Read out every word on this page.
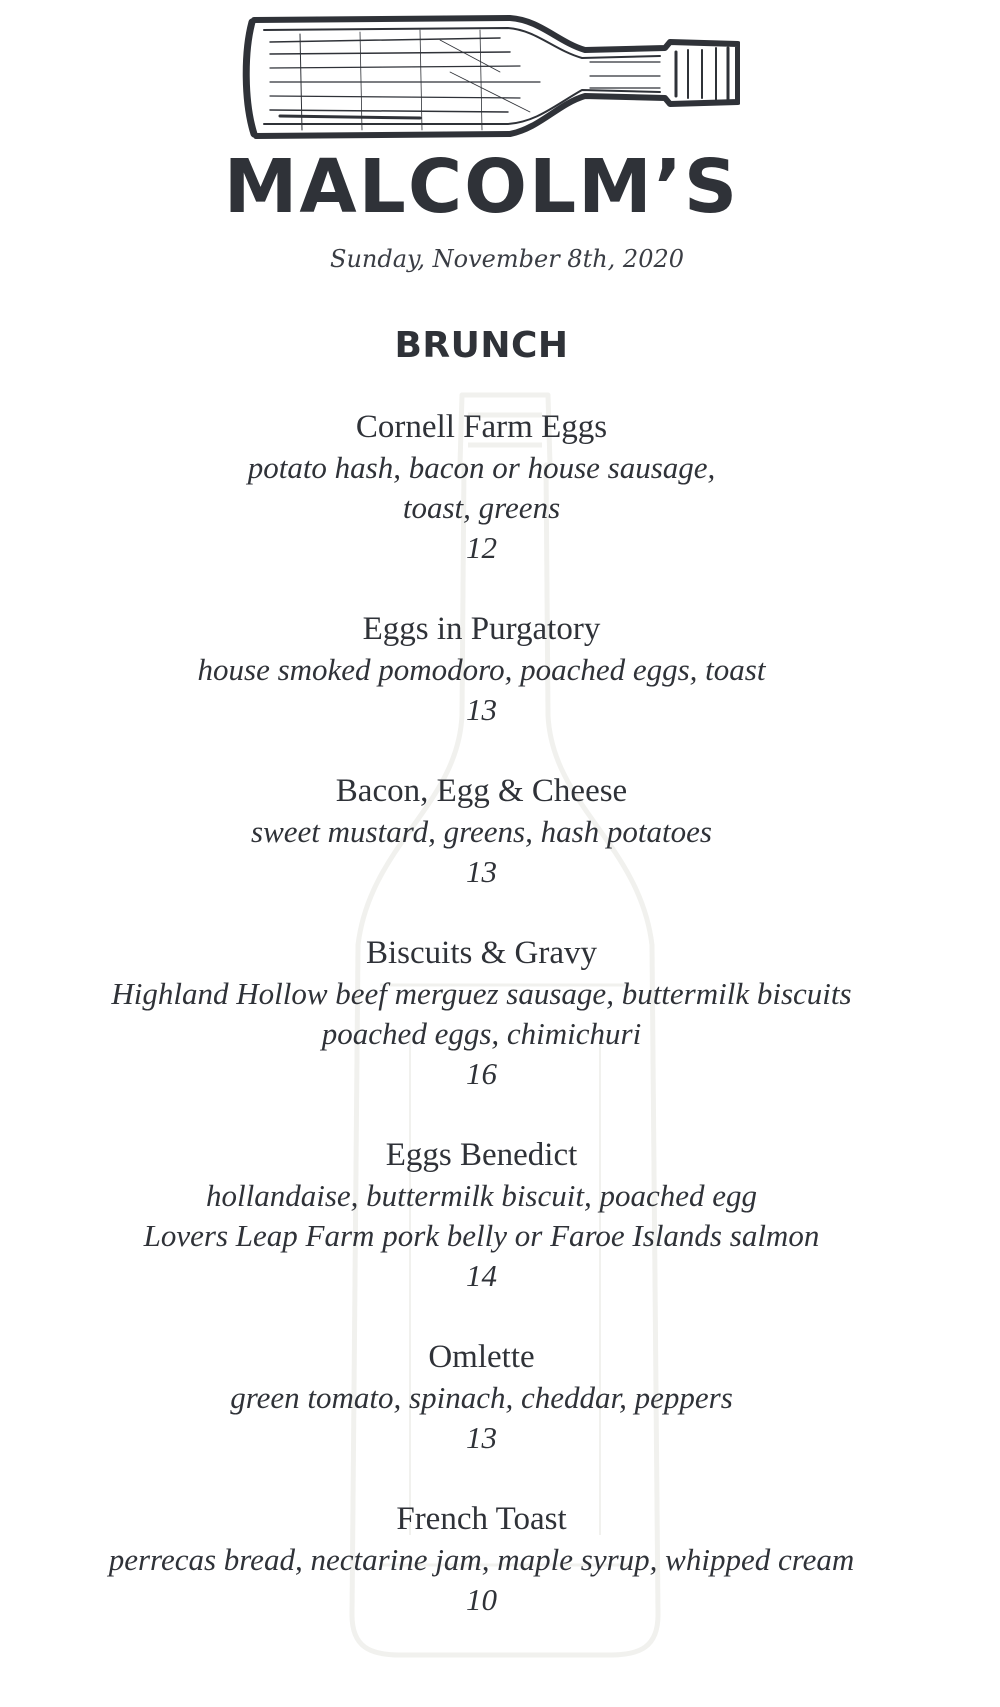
MALCOLM’S
Sunday, November 8th, 2020
BRUNCH
Cornell Farm Eggs
potato hash, bacon or house sausage,
toast, greens
12
Eggs in Purgatory
house smoked pomodoro, poached eggs, toast
13
Bacon, Egg & Cheese
sweet mustard, greens, hash potatoes
13
Biscuits & Gravy
Highland Hollow beef merguez sausage, buttermilk biscuits
poached eggs, chimichuri
16
Eggs Benedict
hollandaise, buttermilk biscuit, poached egg
Lovers Leap Farm pork belly or Faroe Islands salmon
14
Omlette
green tomato, spinach, cheddar, peppers
13
French Toast
perrecas bread, nectarine jam, maple syrup, whipped cream
10
